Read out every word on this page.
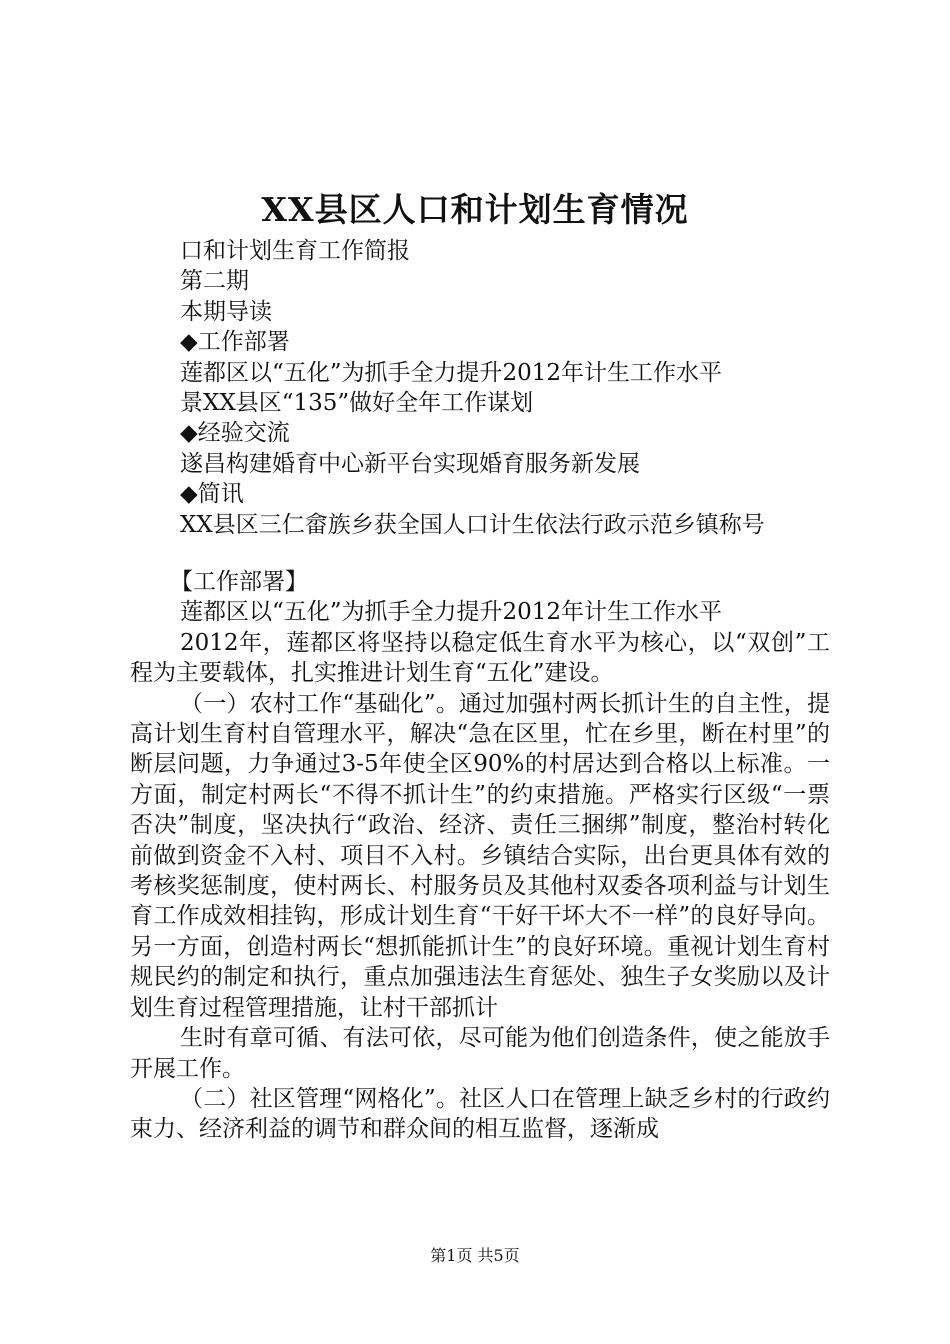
XX县区人口和计划生育情况
口和计划生育工作简报
第二期
本期导读
◆工作部署
莲都区以“五化”为抓手全力提升2012年计生工作水平
景XX县区“135”做好全年工作谋划
◆经验交流
遂昌构建婚育中心新平台实现婚育服务新发展
◆简讯
XX县区三仁畲族乡获全国人口计生依法行政示范乡镇称号
【工作部署】
莲都区以“五化”为抓手全力提升2012年计生工作水平

2012年，莲都区将坚持以稳定低生育水平为核心，以“双创”工程为主要载体，扎实推进计划生育“五化”建设。

（一）农村工作“基础化”。通过加强村两长抓计生的自主性，提高计划生育村自管理水平，解决“急在区里，忙在乡里，断在村里”的断层问题，力争通过3-5年使全区90%的村居达到合格以上标准。一方面，制定村两长“不得不抓计生”的约束措施。严格实行区级“一票否决”制度，坚决执行“政治、经济、责任三捆绑”制度，整治村转化前做到资金不入村、项目不入村。乡镇结合实际，出台更具体有效的考核奖惩制度，使村两长、村服务员及其他村双委各项利益与计划生育工作成效相挂钩，形成计划生育“干好干坏大不一样”的良好导向。另一方面，创造村两长“想抓能抓计生”的良好环境。重视计划生育村规民约的制定和执行，重点加强违法生育惩处、独生子女奖励以及计划生育过程管理措施，让村干部抓计

生时有章可循、有法可依，尽可能为他们创造条件，使之能放手开展工作。

（二）社区管理“网格化”。社区人口在管理上缺乏乡村的行政约束力、经济利益的调节和群众间的相互监督，逐渐成

第1页 共5页
